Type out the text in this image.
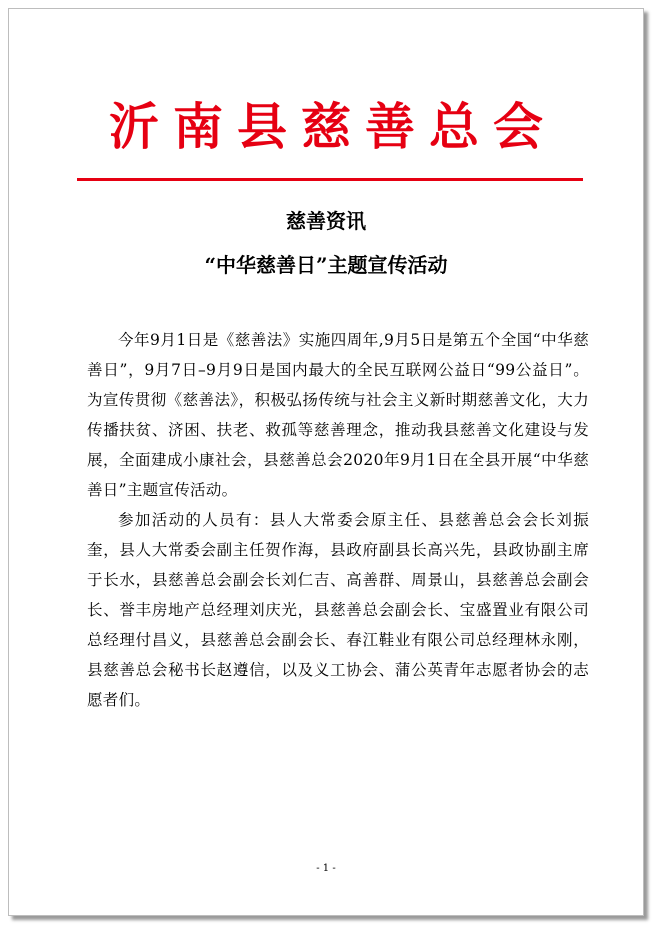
沂南县慈善总会
慈善资讯
“中华慈善日”主题宣传活动

今年9月1日是《慈善法》实施四周年,9月5日是第五个全国“中华慈善日”，9月7日–9月9日是国内最大的全民互联网公益日“99公益日”。为宣传贯彻《慈善法》，积极弘扬传统与社会主义新时期慈善文化，大力传播扶贫、济困、扶老、救孤等慈善理念，推动我县慈善文化建设与发展，全面建成小康社会，县慈善总会2020年9月1日在全县开展“中华慈善日”主题宣传活动。

参加活动的人员有：县人大常委会原主任、县慈善总会会长刘振奎，县人大常委会副主任贺作海，县政府副县长高兴先，县政协副主席于长水，县慈善总会副会长刘仁吉、高善群、周景山，县慈善总会副会长、誉丰房地产总经理刘庆光，县慈善总会副会长、宝盛置业有限公司总经理付昌义，县慈善总会副会长、春江鞋业有限公司总经理林永刚，县慈善总会秘书长赵遵信，以及义工协会、蒲公英青年志愿者协会的志愿者们。

- 1 -
